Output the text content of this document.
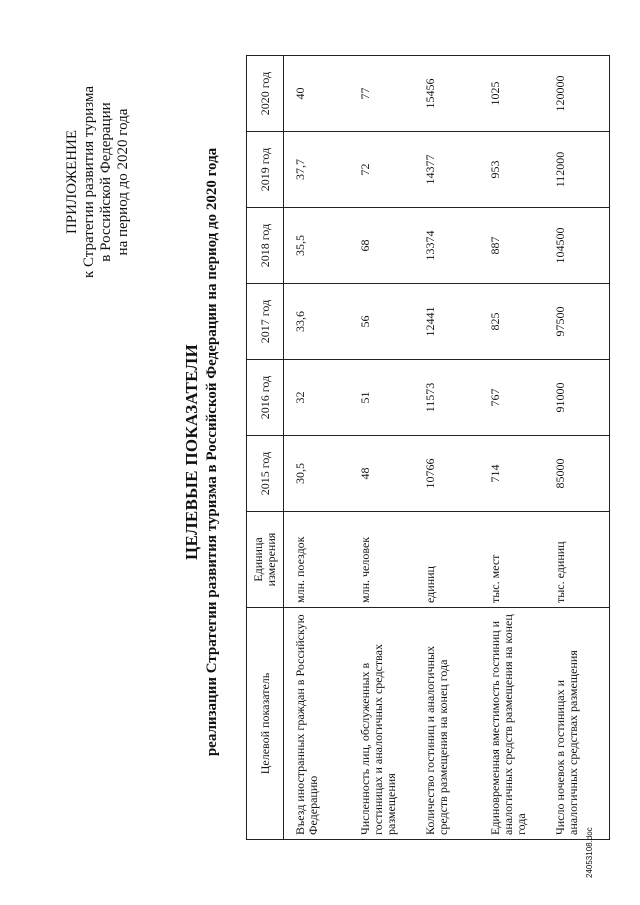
ПРИЛОЖЕНИЕ к Стратегии развития туризма в Российской Федерации на период до 2020 года
ЦЕЛЕВЫЕ ПОКАЗАТЕЛИ реализации Стратегии развития туризма в Российской Федерации на период до 2020 года	Целевой показатель	Единица измерения	2015 год	2016 год	2017 год	2018 год	2019 год	2020 год
Въезд иностранных граждан в Российскую Федерацию	млн. поездок	30,5	32	33,6	35,5	37,7	40
Численность лиц, обслуженных в гостиницах и аналогичных средствах размещения	млн. человек	48	51	56	68	72	77
Количество гостиниц и аналогичных средств размещения на конец года	единиц	10766	11573	12441	13374	14377	15456
Единовременная вместимость гостиниц и аналогичных средств размещения на конец года	тыс. мест	714	767	825	887	953	1025
Число ночевок в гостиницах и аналогичных средствах размещения	тыс. единиц	85000	91000	97500	104500	112000	120000
24053108.doc
